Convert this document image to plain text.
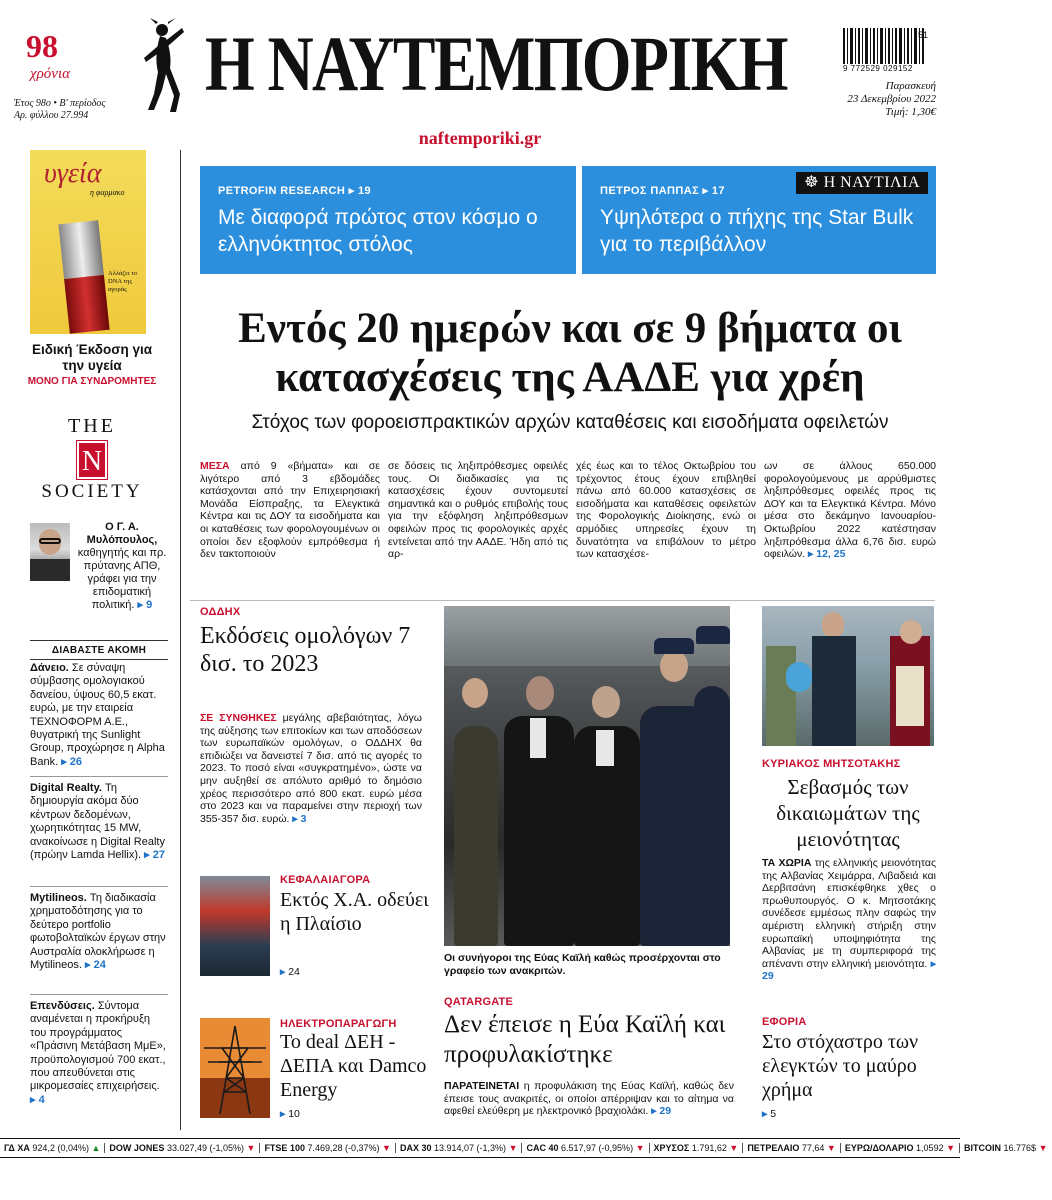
98
χρόνια
Έτος 98ο • Β' περίοδος
Αρ. φύλλου 27.994
Η ΝΑΥΤΕΜΠΟΡΙΚΗ
naftemporiki.gr
51
9 772529 029152
Παρασκευή
23 Δεκεμβρίου 2022
Τιμή: 1,30€
υγεία
η φαρμακο
Αλλάζει το DNA της αγοράς
Ειδική Έκδοση για την υγεία
ΜΟΝΟ ΓΙΑ ΣΥΝΔΡΟΜΗΤΕΣ
THE
N
SOCIETY
Ο Γ. Α. Μυλόπουλος, καθηγητής και πρ. πρύτανης ΑΠΘ, γράφει για την επιδοματική πολιτική. ▸ 9
ΔΙΑΒΑΣΤΕ ΑΚΟΜΗ
Δάνειο. Σε σύναψη σύμβασης ομολογιακού δανείου, ύψους 60,5 εκατ. ευρώ, με την εταιρεία ΤΕΧΝΟΦΟΡΜ Α.Ε., θυγατρική της Sunlight Group, προχώρησε η Alpha Bank. ▸ 26
Digital Realty. Τη δημιουργία ακόμα δύο κέντρων δεδομένων, χωρητικότητας 15 MW, ανακοίνωσε η Digital Realty (πρώην Lamda Hellix). ▸ 27
Mytilineos. Τη διαδικασία χρηματοδότησης για το δεύτερο portfolio φωτοβολταϊκών έργων στην Αυστραλία ολοκλήρωσε η Mytilineos. ▸ 24
Επενδύσεις. Σύντομα αναμένεται η προκήρυξη του προγράμματος «Πράσινη Μετάβαση ΜμΕ», προϋπολογισμού 700 εκατ., που απευθύνεται στις μικρομεσαίες επιχειρήσεις. ▸ 4
PETROFIN RESEARCH ▸ 19
Με διαφορά πρώτος στον κόσμο ο ελληνόκτητος στόλος
ΠΕΤΡΟΣ ΠΑΠΠΑΣ ▸ 17
Υψηλότερα ο πήχης της Star Bulk για το περιβάλλον
☸ Η ΝΑΥΤΙΛΙΑ
Εντός 20 ημερών και σε 9 βήματα οι κατασχέσεις της ΑΑΔΕ για χρέη
Στόχος των φοροεισπρακτικών αρχών καταθέσεις και εισοδήματα οφειλετών
ΜΕΣΑ από 9 «βήματα» και σε λιγότερο από 3 εβδομάδες κατάσχονται από την Επιχειρησιακή Μονάδα Είσπραξης, τα Ελεγκτικά Κέντρα και τις ΔΟΥ τα εισοδήματα και οι καταθέσεις των φορολογουμένων οι οποίοι δεν εξοφλούν εμπρόθεσμα ή δεν τακτοποιούν
σε δόσεις τις ληξιπρόθεσμες οφειλές τους. Οι διαδικασίες για τις κατασχέσεις έχουν συντομευτεί σημαντικά και ο ρυθμός επιβολής τους για την εξόφληση ληξιπρόθεσμων οφειλών προς τις φορολογικές αρχές εντείνεται από την ΑΑΔΕ. Ήδη από τις αρ-
χές έως και το τέλος Οκτωβρίου του τρέχοντος έτους έχουν επιβληθεί πάνω από 60.000 κατασχέσεις σε εισοδήματα και καταθέσεις οφειλετών της Φορολογικής Διοίκησης, ενώ οι αρμόδιες υπηρεσίες έχουν τη δυνατότητα να επιβάλουν το μέτρο των κατασχέσε-
ων σε άλλους 650.000 φορολογούμενους με αρρύθμιστες ληξιπρόθεσμες οφειλές προς τις ΔΟΥ και τα Ελεγκτικά Κέντρα. Μόνο μέσα στο δεκάμηνο Ιανουαρίου-Οκτωβρίου 2022 κατέστησαν ληξιπρόθεσμα άλλα 6,76 δισ. ευρώ οφειλών. ▸ 12, 25
ΟΔΔΗΧ
Εκδόσεις ομολόγων 7 δισ. το 2023
ΣΕ ΣΥΝΘΗΚΕΣ μεγάλης αβεβαιότητας, λόγω της αύξησης των επιτοκίων και των αποδόσεων των ευρωπαϊκών ομολόγων, ο ΟΔΔΗΧ θα επιδιώξει να δανειστεί 7 δισ. από τις αγορές το 2023. Το ποσό είναι «συγκρατημένο», ώστε να μην αυξηθεί σε απόλυτο αριθμό το δημόσιο χρέος περισσότερο από 800 εκατ. ευρώ μέσα στο 2023 και να παραμείνει στην περιοχή των 355-357 δισ. ευρώ. ▸ 3
Οι συνήγοροι της Εύας Καϊλή καθώς προσέρχονται στο γραφείο των ανακριτών.
ΚΥΡΙΑΚΟΣ ΜΗΤΣΟΤΑΚΗΣ
Σεβασμός των δικαιωμάτων της μειονότητας
ΤΑ ΧΩΡΙΑ της ελληνικής μειονότητας της Αλβανίας Χειμάρρα, Λιβαδειά και Δερβιτσάνη επισκέφθηκε χθες ο πρωθυπουργός. Ο κ. Μητσοτάκης συνέδεσε εμμέσως πλην σαφώς την αμέριστη ελληνική στήριξη στην ευρωπαϊκή υποψηφιότητα της Αλβανίας με τη συμπεριφορά της απέναντι στην ελληνική μειονότητα. ▸ 29
ΚΕΦΑΛΑΙΑΓΟΡΑ
Εκτός Χ.Α. οδεύει η Πλαίσιο
▸ 24
ΗΛΕΚΤΡΟΠΑΡΑΓΩΓΗ
Το deal ΔΕΗ - ΔΕΠΑ και Damco Energy
▸ 10
QATARGATE
Δεν έπεισε η Εύα Καϊλή και προφυλακίστηκε
ΠΑΡΑΤΕΙΝΕΤΑΙ η προφυλάκιση της Εύας Καϊλή, καθώς δεν έπεισε τους ανακριτές, οι οποίοι απέρριψαν και το αίτημα να αφεθεί ελεύθερη με ηλεκτρονικό βραχιολάκι. ▸ 29
ΕΦΟΡΙΑ
Στο στόχαστρο των ελεγκτών το μαύρο χρήμα
▸ 5
ΓΔ ΧΑ 924,2 (0,04%) ▲	DOW JONES 33.027,49 (-1,05%) ▼	FTSE 100 7.469,28 (-0,37%) ▼	DAX 30 13.914,07 (-1,3%) ▼	CAC 40 6.517,97 (-0,95%) ▼	ΧΡΥΣΟΣ 1.791,62 ▼	ΠΕΤΡΕΛΑΙΟ 77,64 ▼	ΕΥΡΩ/ΔΟΛΑΡΙΟ 1,0592 ▼	BITCOIN 16.776$ ▼
